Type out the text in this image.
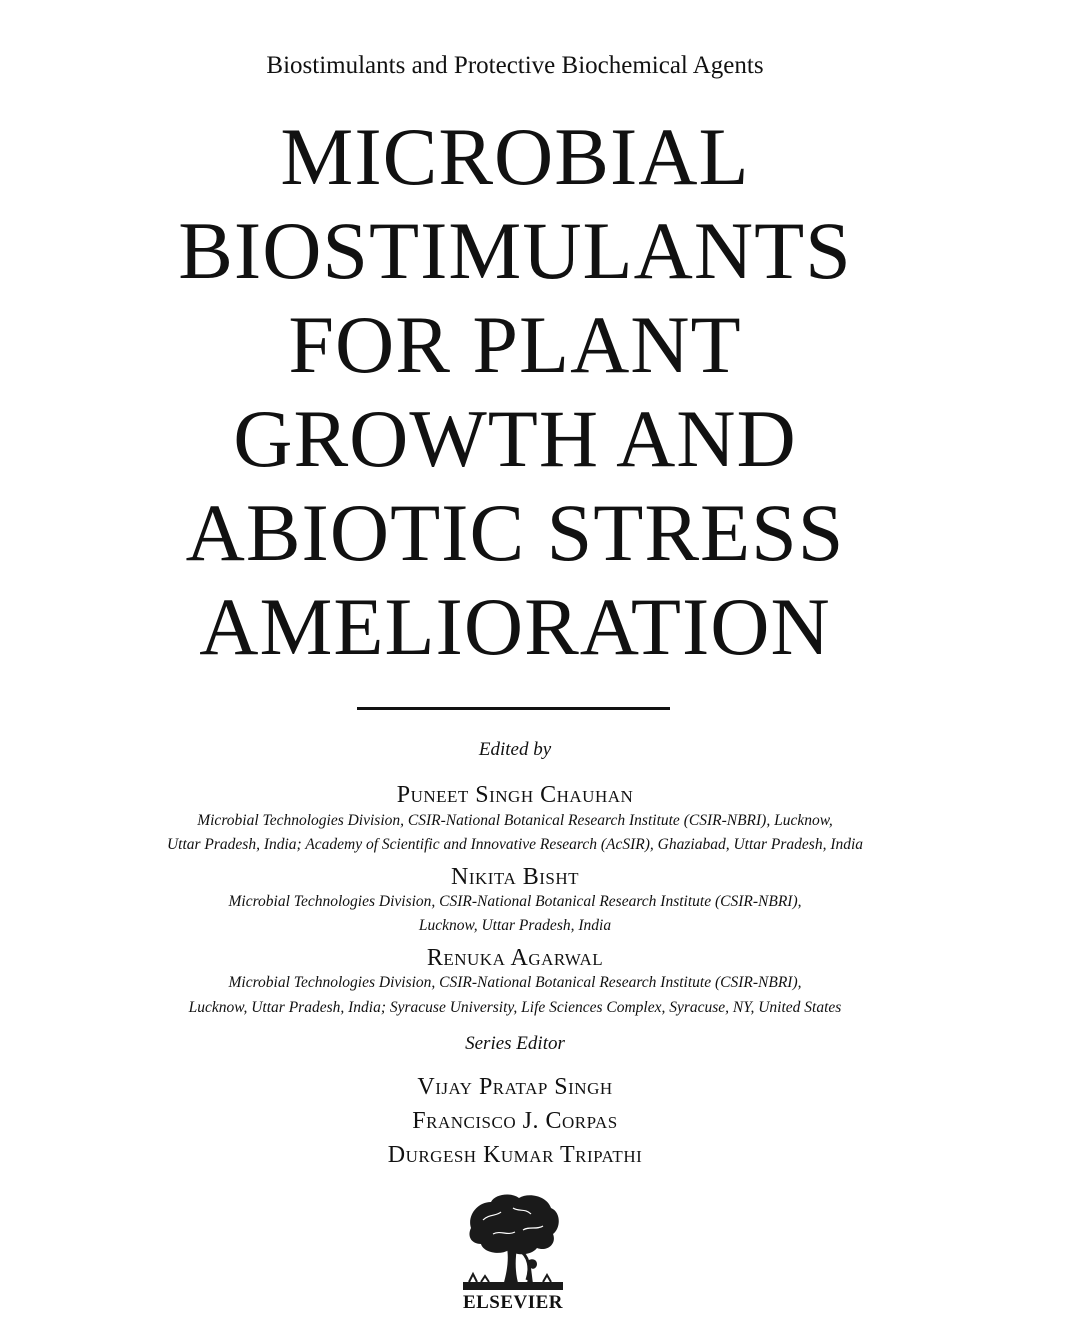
Biostimulants and Protective Biochemical Agents
MICROBIAL
BIOSTIMULANTS
FOR PLANT
GROWTH AND
ABIOTIC STRESS
AMELIORATION
Edited by
Puneet Singh Chauhan
Microbial Technologies Division, CSIR-National Botanical Research Institute (CSIR-NBRI), Lucknow,
Uttar Pradesh, India; Academy of Scientific and Innovative Research (AcSIR), Ghaziabad, Uttar Pradesh, India
Nikita Bisht
Microbial Technologies Division, CSIR-National Botanical Research Institute (CSIR-NBRI),
Lucknow, Uttar Pradesh, India
Renuka Agarwal
Microbial Technologies Division, CSIR-National Botanical Research Institute (CSIR-NBRI),
Lucknow, Uttar Pradesh, India; Syracuse University, Life Sciences Complex, Syracuse, NY, United States
Series Editor
Vijay Pratap Singh
Francisco J. Corpas
Durgesh Kumar Tripathi
ELSEVIER
